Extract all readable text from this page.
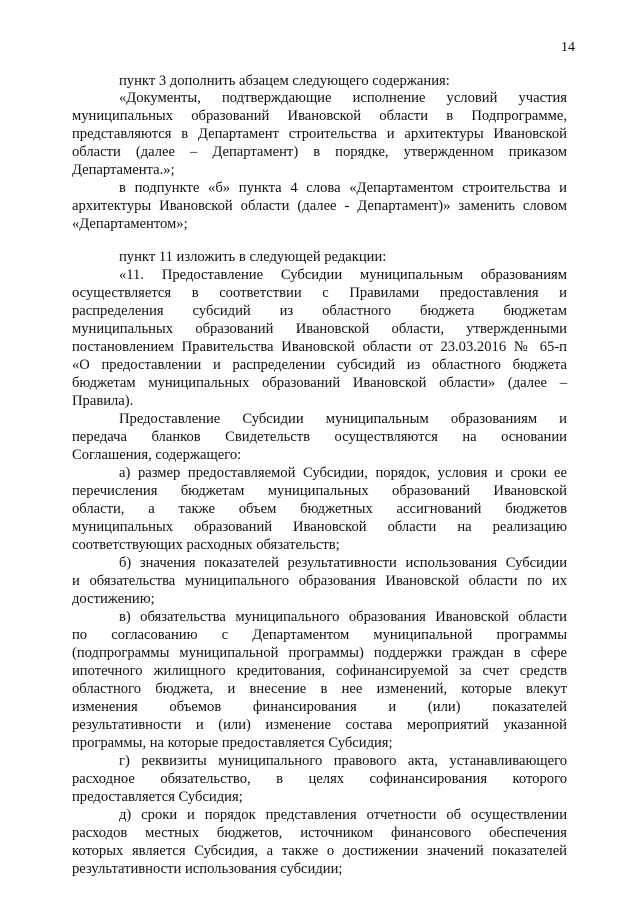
14
пункт 3 дополнить абзацем следующего содержания:
«Документы, подтверждающие исполнение условий участия
муниципальных образований Ивановской области в Подпрограмме,
представляются в Департамент строительства и архитектуры Ивановской
области (далее – Департамент) в порядке, утвержденном приказом
Департамента.»;
в подпункте «б» пункта 4 слова «Департаментом строительства и
архитектуры Ивановской области (далее - Департамент)» заменить словом
«Департаментом»;
пункт 11 изложить в следующей редакции:
«11. Предоставление Субсидии муниципальным образованиям
осуществляется в соответствии с Правилами предоставления и
распределения субсидий из областного бюджета бюджетам
муниципальных образований Ивановской области, утвержденными
постановлением Правительства Ивановской области от 23.03.2016 № 65-п
«О предоставлении и распределении субсидий из областного бюджета
бюджетам муниципальных образований Ивановской области» (далее –
Правила).
Предоставление Субсидии муниципальным образованиям и
передача бланков Свидетельств осуществляются на основании
Соглашения, содержащего:
а) размер предоставляемой Субсидии, порядок, условия и сроки ее
перечисления бюджетам муниципальных образований Ивановской
области, а также объем бюджетных ассигнований бюджетов
муниципальных образований Ивановской области на реализацию
соответствующих расходных обязательств;
б) значения показателей результативности использования Субсидии
и обязательства муниципального образования Ивановской области по их
достижению;
в) обязательства муниципального образования Ивановской области
по согласованию с Департаментом муниципальной программы
(подпрограммы муниципальной программы) поддержки граждан в сфере
ипотечного жилищного кредитования, софинансируемой за счет средств
областного бюджета, и внесение в нее изменений, которые влекут
изменения объемов финансирования и (или) показателей
результативности и (или) изменение состава мероприятий указанной
программы, на которые предоставляется Субсидия;
г) реквизиты муниципального правового акта, устанавливающего
расходное обязательство, в целях софинансирования которого
предоставляется Субсидия;
д) сроки и порядок представления отчетности об осуществлении
расходов местных бюджетов, источником финансового обеспечения
которых является Субсидия, а также о достижении значений показателей
результативности использования субсидии;
